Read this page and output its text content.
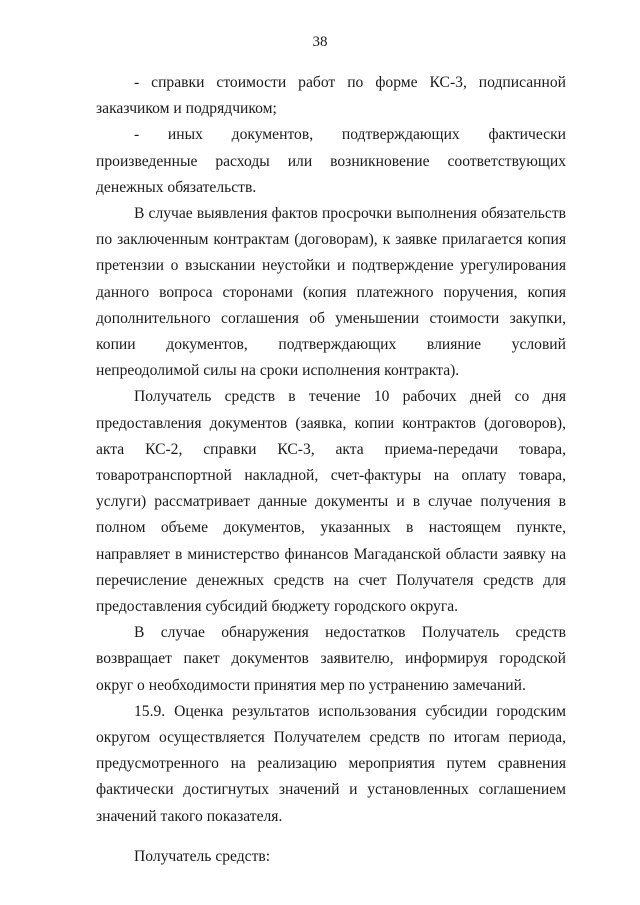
38

- справки стоимости работ по форме КС-3, подписанной заказчиком и подрядчиком;

- иных документов, подтверждающих фактически произведенные расходы или возникновение соответствующих денежных обязательств.

В случае выявления фактов просрочки выполнения обязательств по заключенным контрактам (договорам), к заявке прилагается копия претензии о взыскании неустойки и подтверждение урегулирования данного вопроса сторонами (копия платежного поручения, копия дополнительного соглашения об уменьшении стоимости закупки, копии документов, подтверждающих влияние условий непреодолимой силы на сроки исполнения контракта).

Получатель средств в течение 10 рабочих дней со дня предоставления документов (заявка, копии контрактов (договоров), акта КС-2, справки КС-3, акта приема-передачи товара, товаротранспортной накладной, счет-фактуры на оплату товара, услуги) рассматривает данные документы и в случае получения в полном объеме документов, указанных в настоящем пункте, направляет в министерство финансов Магаданской области заявку на перечисление денежных средств на счет Получателя средств для предоставления субсидий бюджету городского округа.

В случае обнаружения недостатков Получатель средств возвращает пакет документов заявителю, информируя городской округ о необходимости принятия мер по устранению замечаний.

15.9. Оценка результатов использования субсидии городским округом осуществляется Получателем средств по итогам периода, предусмотренного на реализацию мероприятия путем сравнения фактически достигнутых значений и установленных соглашением значений такого показателя.

Получатель средств:
